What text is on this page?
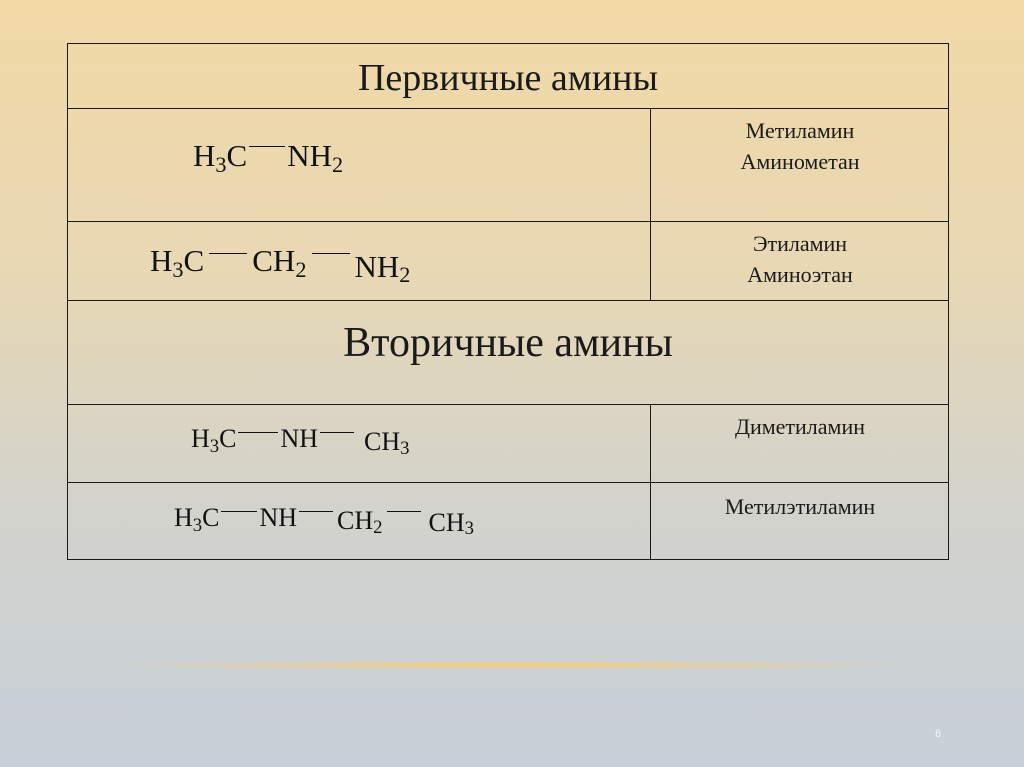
Первичные амины
Вторичные амины
$H_3C$ $NH_2$
Метиламин
Аминометан
$H_3C$ $CH_2$ $NH_2$
Этиламин
Аминоэтан
$H_3C$ NH $CH_3$
Диметиламин
$H_3C$ NH $CH_2$ $CH_3$
Метилэтиламин
6
